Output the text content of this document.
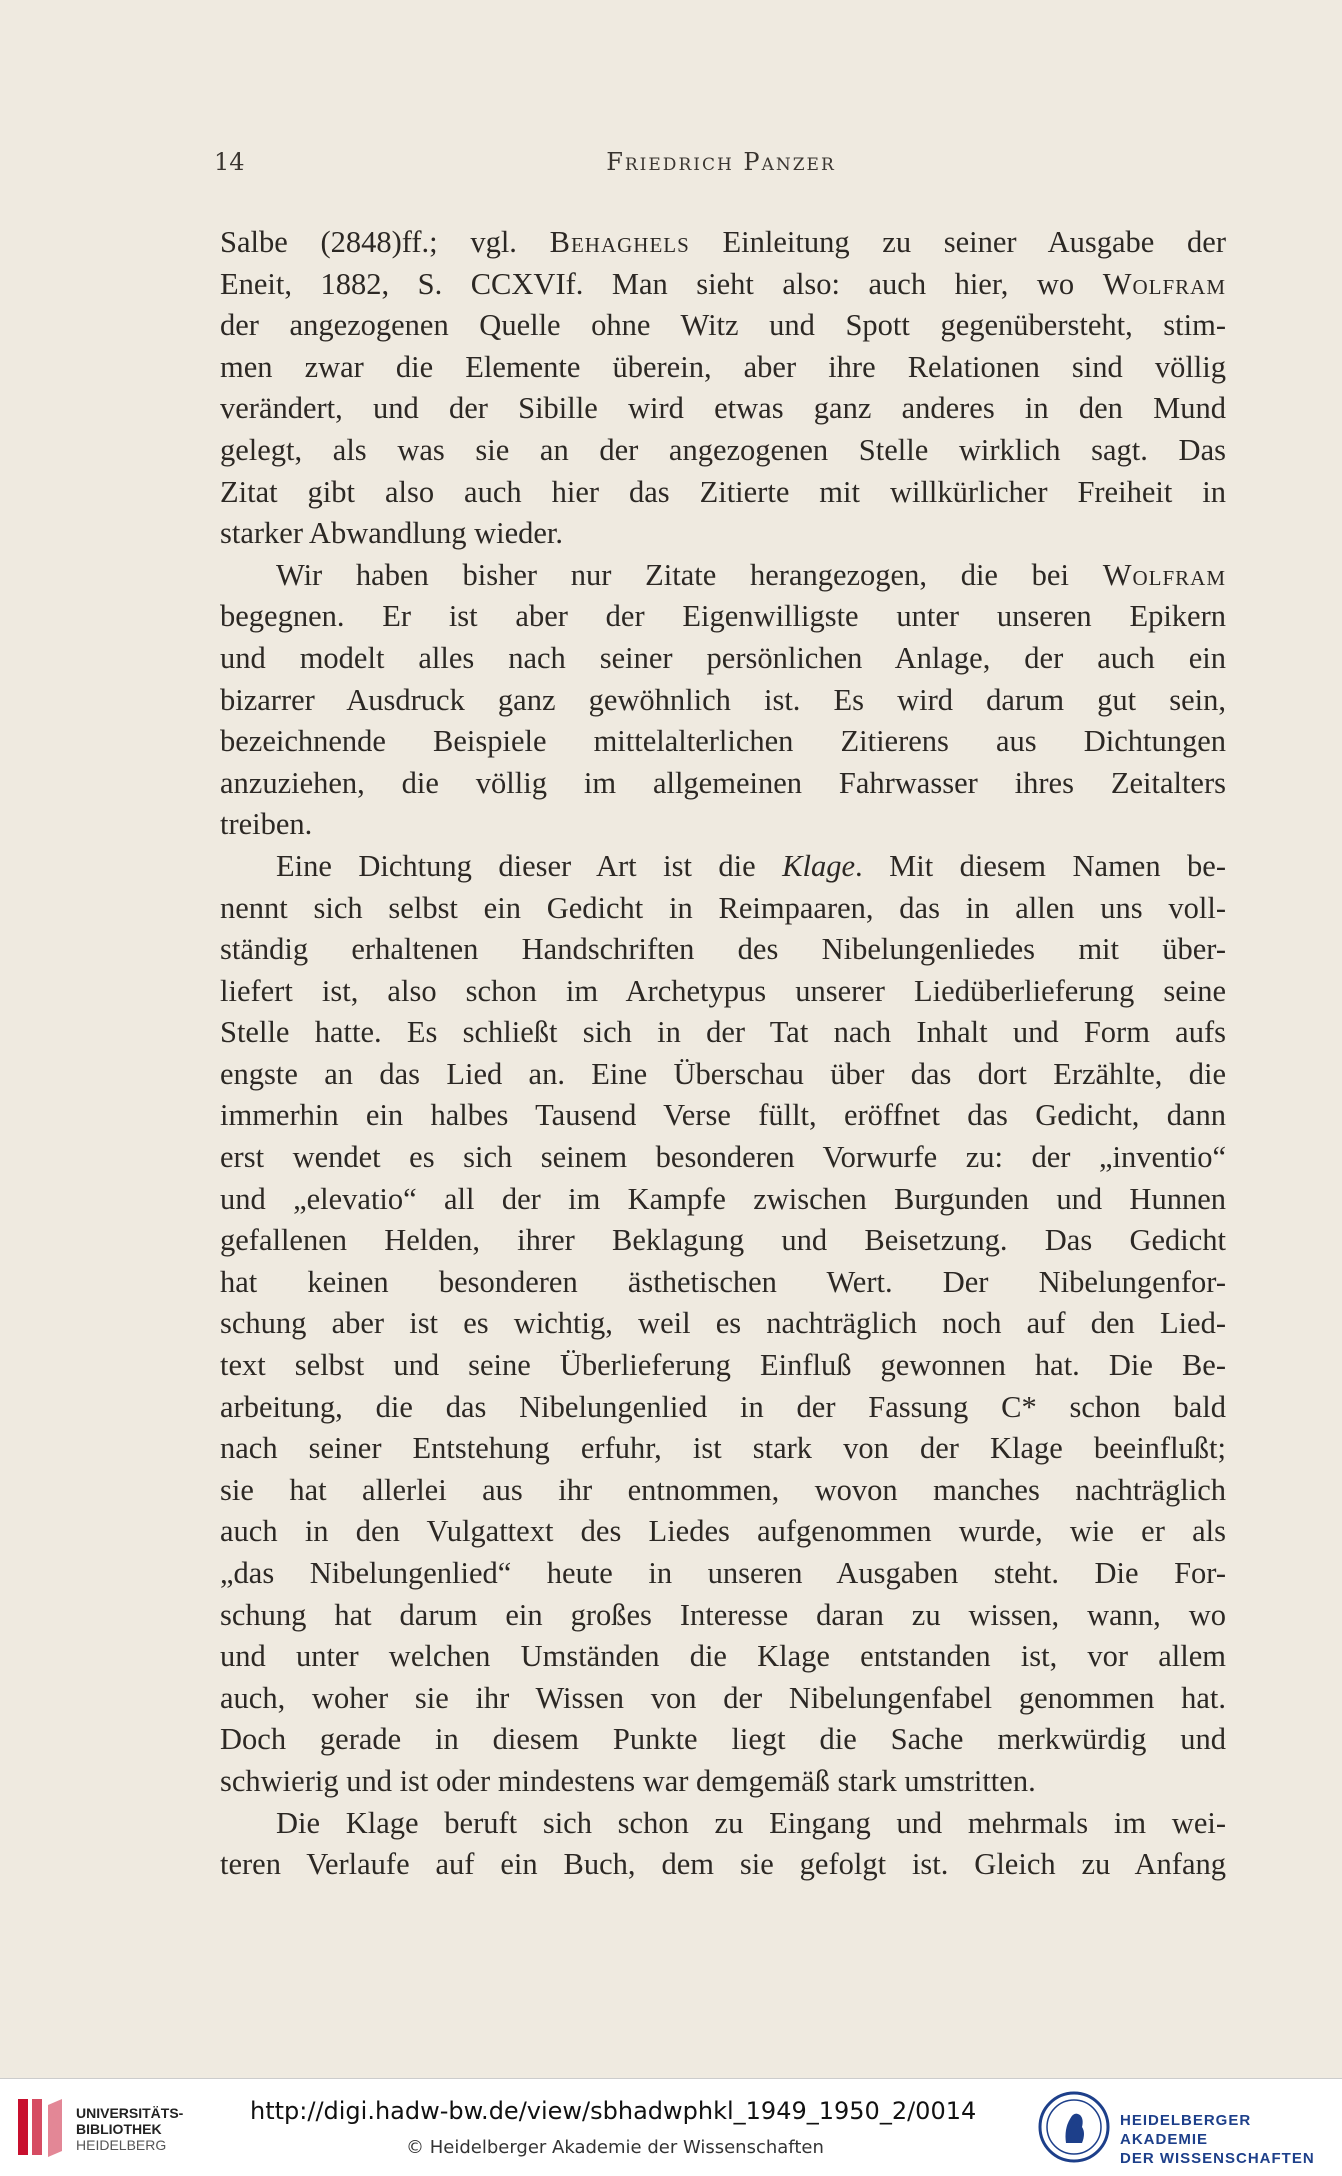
14	Friedrich Panzer
Salbe (2848)ff.; vgl. Behaghels Einleitung zu seiner Ausgabe der
Eneit, 1882, S. CCXVIf. Man sieht also: auch hier, wo Wolfram
der angezogenen Quelle ohne Witz und Spott gegenübersteht, stim-
men zwar die Elemente überein, aber ihre Relationen sind völlig
verändert, und der Sibille wird etwas ganz anderes in den Mund
gelegt, als was sie an der angezogenen Stelle wirklich sagt. Das
Zitat gibt also auch hier das Zitierte mit willkürlicher Freiheit in
starker Abwandlung wieder.
Wir haben bisher nur Zitate herangezogen, die bei Wolfram
begegnen. Er ist aber der Eigenwilligste unter unseren Epikern
und modelt alles nach seiner persönlichen Anlage, der auch ein
bizarrer Ausdruck ganz gewöhnlich ist. Es wird darum gut sein,
bezeichnende Beispiele mittelalterlichen Zitierens aus Dichtungen
anzuziehen, die völlig im allgemeinen Fahrwasser ihres Zeitalters
treiben.
Eine Dichtung dieser Art ist die Klage. Mit diesem Namen be-
nennt sich selbst ein Gedicht in Reimpaaren, das in allen uns voll-
ständig erhaltenen Handschriften des Nibelungenliedes mit über-
liefert ist, also schon im Archetypus unserer Liedüberlieferung seine
Stelle hatte. Es schließt sich in der Tat nach Inhalt und Form aufs
engste an das Lied an. Eine Überschau über das dort Erzählte, die
immerhin ein halbes Tausend Verse füllt, eröffnet das Gedicht, dann
erst wendet es sich seinem besonderen Vorwurfe zu: der „inventio“
und „elevatio“ all der im Kampfe zwischen Burgunden und Hunnen
gefallenen Helden, ihrer Beklagung und Beisetzung. Das Gedicht
hat keinen besonderen ästhetischen Wert. Der Nibelungenfor-
schung aber ist es wichtig, weil es nachträglich noch auf den Lied-
text selbst und seine Überlieferung Einfluß gewonnen hat. Die Be-
arbeitung, die das Nibelungenlied in der Fassung C* schon bald
nach seiner Entstehung erfuhr, ist stark von der Klage beeinflußt;
sie hat allerlei aus ihr entnommen, wovon manches nachträglich
auch in den Vulgattext des Liedes aufgenommen wurde, wie er als
„das Nibelungenlied“ heute in unseren Ausgaben steht. Die For-
schung hat darum ein großes Interesse daran zu wissen, wann, wo
und unter welchen Umständen die Klage entstanden ist, vor allem
auch, woher sie ihr Wissen von der Nibelungenfabel genommen hat.
Doch gerade in diesem Punkte liegt die Sache merkwürdig und
schwierig und ist oder mindestens war demgemäß stark umstritten.
Die Klage beruft sich schon zu Eingang und mehrmals im wei-
teren Verlaufe auf ein Buch, dem sie gefolgt ist. Gleich zu Anfang
UNIVERSITÄTS-
BIBLIOTHEK
HEIDELBERG
http://digi.hadw-bw.de/view/sbhadwphkl_1949_1950_2/0014
© Heidelberger Akademie der Wissenschaften
HEIDELBERGER AKADEMIE
DER WISSENSCHAFTEN
